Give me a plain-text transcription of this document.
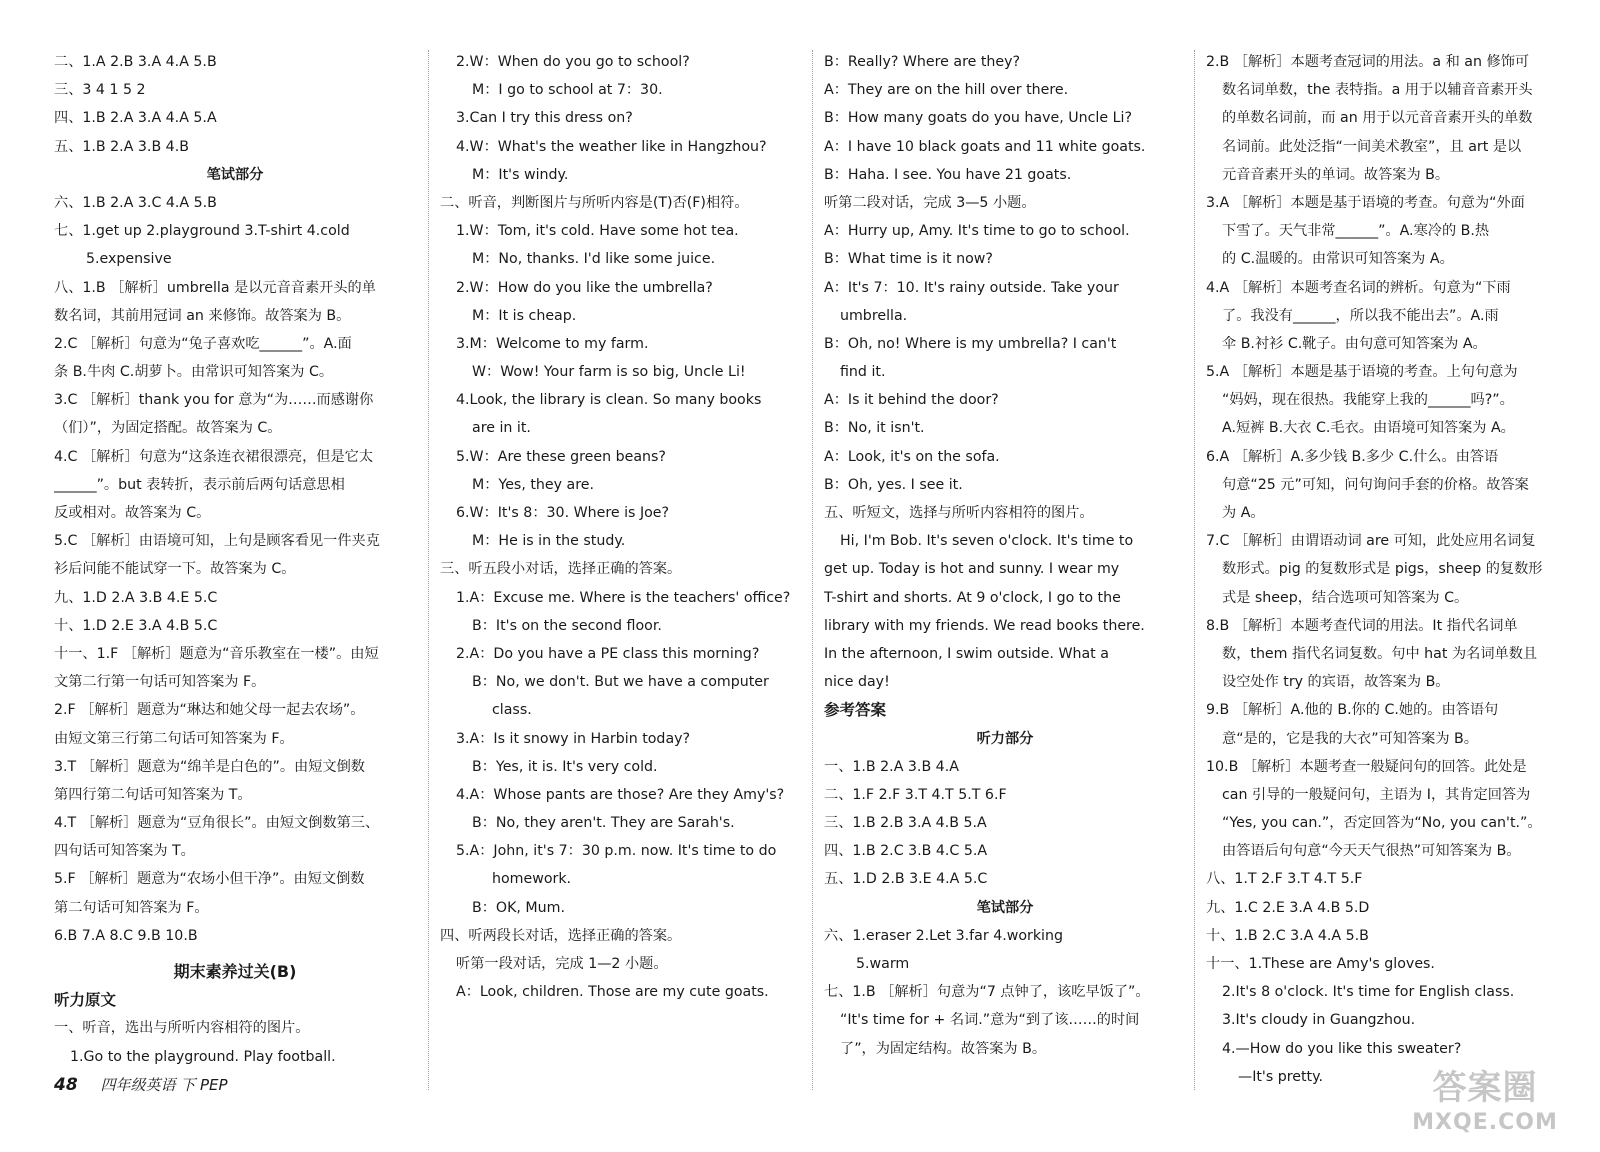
二、1.A 2.B 3.A 4.A 5.B
三、3 4 1 5 2
四、1.B 2.A 3.A 4.A 5.A
五、1.B 2.A 3.B 4.B
笔试部分
六、1.B 2.A 3.C 4.A 5.B
七、1.get up 2.playground 3.T-shirt 4.cold
5.expensive
八、1.B ［解析］umbrella 是以元音音素开头的单
数名词，其前用冠词 an 来修饰。故答案为 B。
2.C ［解析］句意为“兔子喜欢吃______”。A.面
条 B.牛肉 C.胡萝卜。由常识可知答案为 C。
3.C ［解析］thank you for 意为“为……而感谢你
（们）”，为固定搭配。故答案为 C。
4.C ［解析］句意为“这条连衣裙很漂亮，但是它太
______”。but 表转折，表示前后两句话意思相
反或相对。故答案为 C。
5.C ［解析］由语境可知，上句是顾客看见一件夹克
衫后问能不能试穿一下。故答案为 C。
九、1.D 2.A 3.B 4.E 5.C
十、1.D 2.E 3.A 4.B 5.C
十一、1.F ［解析］题意为“音乐教室在一楼”。由短
文第二行第一句话可知答案为 F。
2.F ［解析］题意为“琳达和她父母一起去农场”。
由短文第三行第二句话可知答案为 F。
3.T ［解析］题意为“绵羊是白色的”。由短文倒数
第四行第二句话可知答案为 T。
4.T ［解析］题意为“豆角很长”。由短文倒数第三、
四句话可知答案为 T。
5.F ［解析］题意为“农场小但干净”。由短文倒数
第二句话可知答案为 F。
6.B 7.A 8.C 9.B 10.B
期末素养过关(B)
听力原文
一、听音，选出与所听内容相符的图片。
1.Go to the playground. Play football.
2.W：When do you go to school?
M：I go to school at 7：30.
3.Can I try this dress on?
4.W：What's the weather like in Hangzhou?
M：It's windy.
二、听音，判断图片与所听内容是(T)否(F)相符。
1.W：Tom, it's cold. Have some hot tea.
M：No, thanks. I'd like some juice.
2.W：How do you like the umbrella?
M：It is cheap.
3.M：Welcome to my farm.
W：Wow! Your farm is so big, Uncle Li!
4.Look, the library is clean. So many books
are in it.
5.W：Are these green beans?
M：Yes, they are.
6.W：It's 8：30. Where is Joe?
M：He is in the study.
三、听五段小对话，选择正确的答案。
1.A：Excuse me. Where is the teachers' office?
B：It's on the second floor.
2.A：Do you have a PE class this morning?
B：No, we don't. But we have a computer
class.
3.A：Is it snowy in Harbin today?
B：Yes, it is. It's very cold.
4.A：Whose pants are those? Are they Amy's?
B：No, they aren't. They are Sarah's.
5.A：John, it's 7：30 p.m. now. It's time to do
homework.
B：OK, Mum.
四、听两段长对话，选择正确的答案。
听第一段对话，完成 1—2 小题。
A：Look, children. Those are my cute goats.
B：Really? Where are they?
A：They are on the hill over there.
B：How many goats do you have, Uncle Li?
A：I have 10 black goats and 11 white goats.
B：Haha. I see. You have 21 goats.
听第二段对话，完成 3—5 小题。
A：Hurry up, Amy. It's time to go to school.
B：What time is it now?
A：It's 7：10. It's rainy outside. Take your
umbrella.
B：Oh, no! Where is my umbrella? I can't
find it.
A：Is it behind the door?
B：No, it isn't.
A：Look, it's on the sofa.
B：Oh, yes. I see it.
五、听短文，选择与所听内容相符的图片。
Hi, I'm Bob. It's seven o'clock. It's time to
get up. Today is hot and sunny. I wear my
T-shirt and shorts. At 9 o'clock, I go to the
library with my friends. We read books there.
In the afternoon, I swim outside. What a
nice day!
参考答案
听力部分
一、1.B 2.A 3.B 4.A
二、1.F 2.F 3.T 4.T 5.T 6.F
三、1.B 2.B 3.A 4.B 5.A
四、1.B 2.C 3.B 4.C 5.A
五、1.D 2.B 3.E 4.A 5.C
笔试部分
六、1.eraser 2.Let 3.far 4.working
5.warm
七、1.B ［解析］句意为“7 点钟了，该吃早饭了”。
“It's time for + 名词.”意为“到了该……的时间
了”，为固定结构。故答案为 B。
2.B ［解析］本题考查冠词的用法。a 和 an 修饰可
数名词单数，the 表特指。a 用于以辅音音素开头
的单数名词前，而 an 用于以元音音素开头的单数
名词前。此处泛指“一间美术教室”，且 art 是以
元音音素开头的单词。故答案为 B。
3.A ［解析］本题是基于语境的考查。句意为“外面
下雪了。天气非常______”。A.寒冷的 B.热
的 C.温暖的。由常识可知答案为 A。
4.A ［解析］本题考查名词的辨析。句意为“下雨
了。我没有______，所以我不能出去”。A.雨
伞 B.衬衫 C.靴子。由句意可知答案为 A。
5.A ［解析］本题是基于语境的考查。上句句意为
“妈妈，现在很热。我能穿上我的______吗?”。
A.短裤 B.大衣 C.毛衣。由语境可知答案为 A。
6.A ［解析］A.多少钱 B.多少 C.什么。由答语
句意“25 元”可知，问句询问手套的价格。故答案
为 A。
7.C ［解析］由谓语动词 are 可知，此处应用名词复
数形式。pig 的复数形式是 pigs，sheep 的复数形
式是 sheep，结合选项可知答案为 C。
8.B ［解析］本题考查代词的用法。It 指代名词单
数，them 指代名词复数。句中 hat 为名词单数且
设空处作 try 的宾语，故答案为 B。
9.B ［解析］A.他的 B.你的 C.她的。由答语句
意“是的，它是我的大衣”可知答案为 B。
10.B ［解析］本题考查一般疑问句的回答。此处是
can 引导的一般疑问句，主语为 I，其肯定回答为
“Yes, you can.”，否定回答为“No, you can't.”。
由答语后句句意“今天天气很热”可知答案为 B。
八、1.T 2.F 3.T 4.T 5.F
九、1.C 2.E 3.A 4.B 5.D
十、1.B 2.C 3.A 4.A 5.B
十一、1.These are Amy's gloves.
2.It's 8 o'clock. It's time for English class.
3.It's cloudy in Guangzhou.
4.—How do you like this sweater?
—It's pretty.
48 四年级英语 下 PEP	答案圈
MXQE.COM
